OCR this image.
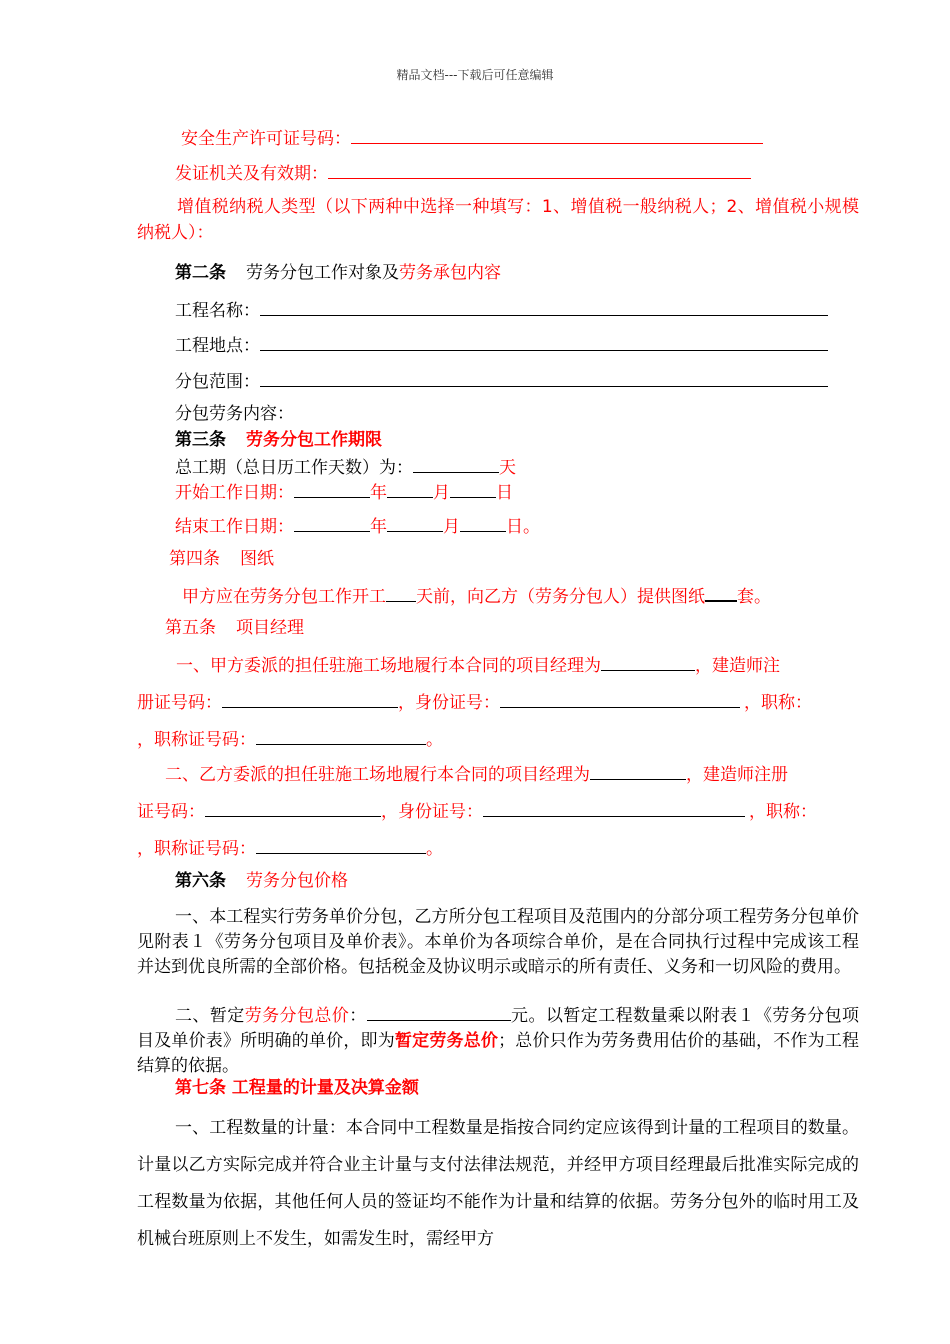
精品文档---下载后可任意编辑
安全生产许可证号码：
发证机关及有效期：
增值税纳税人类型（以下两种中选择一种填写：1、增值税一般纳税人；2、增值税小规模纳税人）：
第二条 劳务分包工作对象及劳务承包内容
工程名称：
工程地点：
分包范围：
分包劳务内容：
第三条 劳务分包工作期限
总工期（总日历工作天数）为：	天
开始工作日期：	年	月	日
结束工作日期：	年	月	日。
第四条 图纸
甲方应在劳务分包工作开工 天前，向乙方（劳务分包人）提供图纸 套。
第五条 项目经理
一、甲方委派的担任驻施工场地履行本合同的项目经理为	，建造师注
册证号码：	，身份证号：	，职称：
，职称证号码：	。
二、乙方委派的担任驻施工场地履行本合同的项目经理为	，建造师注册
证号码：	，身份证号：	，职称：
，职称证号码：	。
第六条 劳务分包价格
一、本工程实行劳务单价分包，乙方所分包工程项目及范围内的分部分项工程劳务分包单价见附表１《劳务分包项目及单价表》。本单价为各项综合单价，是在合同执行过程中完成该工程并达到优良所需的全部价格。包括税金及协议明示或暗示的所有责任、义务和一切风险的费用。
二、暂定劳务分包总价：	元。以暂定工程数量乘以附表１《劳务分包项目及单价表》所明确的单价，即为暂定劳务总价；总价只作为劳务费用估价的基础，不作为工程结算的依据。
第七条 工程量的计量及决算金额
一、工程数量的计量：本合同中工程数量是指按合同约定应该得到计量的工程项目的数量。计量以乙方实际完成并符合业主计量与支付法律法规范，并经甲方项目经理最后批准实际完成的工程数量为依据，其他任何人员的签证均不能作为计量和结算的依据。劳务分包外的临时用工及机械台班原则上不发生，如需发生时，需经甲方
